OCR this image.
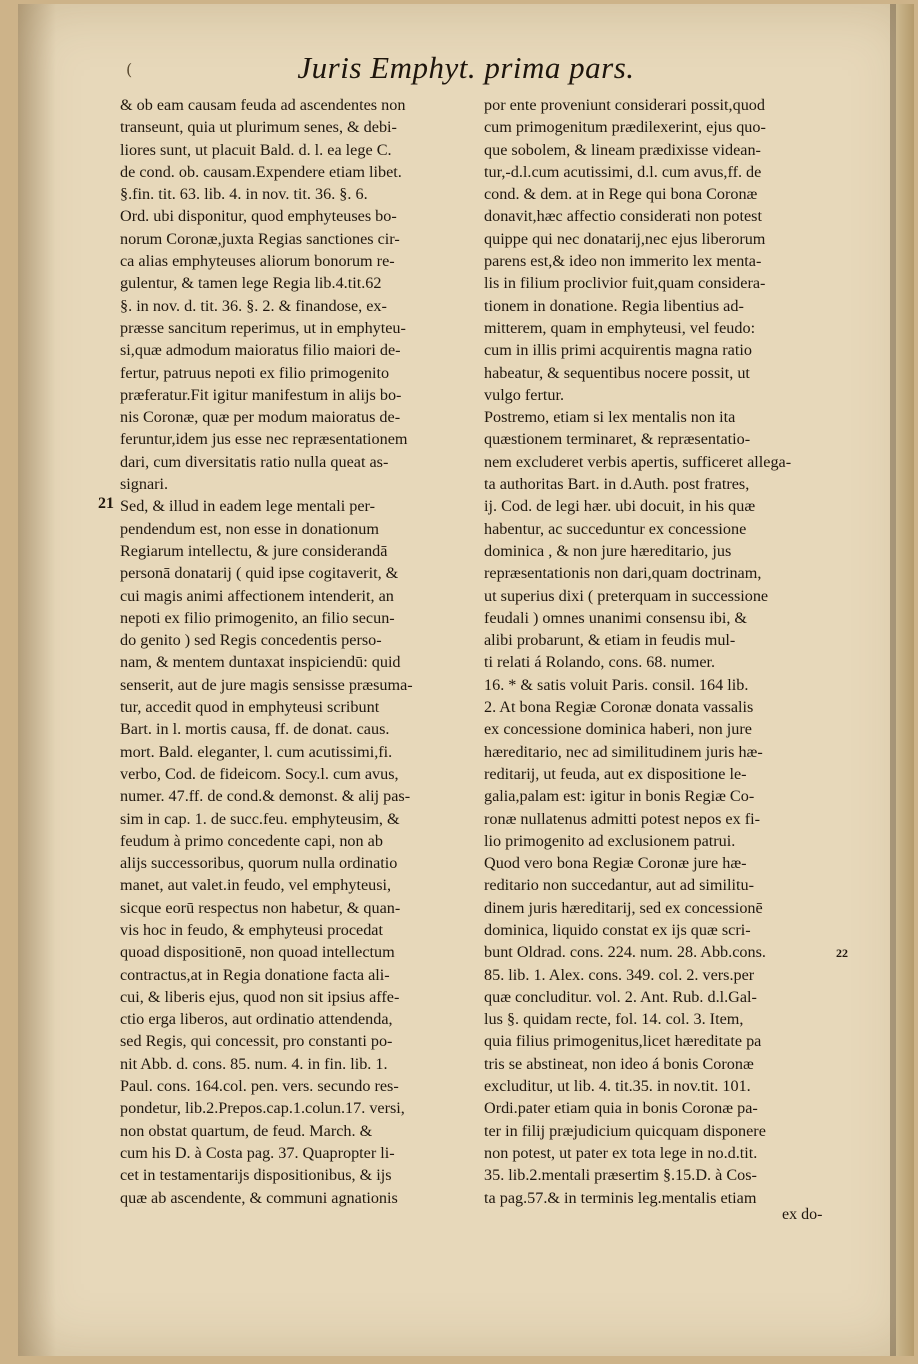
(	Juris Emphyt. prima pars.
& ob eam causam feuda ad ascendentes non
transeunt, quia ut plurimum senes, & debi-
liores sunt, ut placuit Bald. d. l. ea lege C.
de cond. ob. causam.Expendere etiam libet.
§.fin. tit. 63. lib. 4. in nov. tit. 36. §. 6.
Ord. ubi disponitur, quod emphyteuses bo-
norum Coronæ,juxta Regias sanctiones cir-
ca alias emphyteuses aliorum bonorum re-
gulentur, & tamen lege Regia lib.4.tit.62
§. in nov. d. tit. 36. §. 2. & finandose, ex-
præsse sancitum reperimus, ut in emphyteu-
si,quæ admodum maioratus filio maiori de-
fertur, patruus nepoti ex filio primogenito
præferatur.Fit igitur manifestum in alijs bo-
nis Coronæ, quæ per modum maioratus de-
feruntur,idem jus esse nec repræsentationem
dari, cum diversitatis ratio nulla queat as-
signari.
Sed, & illud in eadem lege mentali per-
pendendum est, non esse in donationum
Regiarum intellectu, & jure considerandā
personā donatarij ( quid ipse cogitaverit, &
cui magis animi affectionem intenderit, an
nepoti ex filio primogenito, an filio secun-
do genito ) sed Regis concedentis perso-
nam, & mentem duntaxat inspiciendū: quid
senserit, aut de jure magis sensisse præsuma-
tur, accedit quod in emphyteusi scribunt
Bart. in l. mortis causa, ff. de donat. caus.
mort. Bald. eleganter, l. cum acutissimi,fi.
verbo, Cod. de fideicom. Socy.l. cum avus,
numer. 47.ff. de cond.& demonst. & alij pas-
sim in cap. 1. de succ.feu. emphyteusim, &
feudum à primo concedente capi, non ab
alijs successoribus, quorum nulla ordinatio
manet, aut valet.in feudo, vel emphyteusi,
sicque eorū respectus non habetur, & quan-
vis hoc in feudo, & emphyteusi procedat
quoad dispositionē, non quoad intellectum
contractus,at in Regia donatione facta ali-
cui, & liberis ejus, quod non sit ipsius affe-
ctio erga liberos, aut ordinatio attendenda,
sed Regis, qui concessit, pro constanti po-
nit Abb. d. cons. 85. num. 4. in fin. lib. 1.
Paul. cons. 164.col. pen. vers. secundo res-
pondetur, lib.2.Prepos.cap.1.colun.17. versi,
non obstat quartum, de feud. March. &
cum his D. à Costa pag. 37. Quapropter li-
cet in testamentarijs dispositionibus, & ijs
quæ ab ascendente, & communi agnationis
por ente proveniunt considerari possit,quod
cum primogenitum prædilexerint, ejus quo-
que sobolem, & lineam prædixisse videan-
tur,-d.l.cum acutissimi, d.l. cum avus,ff. de
cond. & dem. at in Rege qui bona Coronæ
donavit,hæc affectio considerati non potest
quippe qui nec donatarij,nec ejus liberorum
parens est,& ideo non immerito lex menta-
lis in filium proclivior fuit,quam considera-
tionem in donatione. Regia libentius ad-
mitterem, quam in emphyteusi, vel feudo:
cum in illis primi acquirentis magna ratio
habeatur, & sequentibus nocere possit, ut
vulgo fertur.
Postremo, etiam si lex mentalis non ita
quæstionem terminaret, & repræsentatio-
nem excluderet verbis apertis, sufficeret allega-
ta authoritas Bart. in d.Auth. post fratres,
ij. Cod. de legi hær. ubi docuit, in his quæ
habentur, ac succeduntur ex concessione
dominica , & non jure hæreditario, jus
repræsentationis non dari,quam doctrinam,
ut superius dixi ( preterquam in successione
feudali ) omnes unanimi consensu ibi, &
alibi probarunt, & etiam in feudis mul-
ti relati á Rolando, cons. 68. numer.
16. * & satis voluit Paris. consil. 164 lib.
2. At bona Regiæ Coronæ donata vassalis
ex concessione dominica haberi, non jure
hæreditario, nec ad similitudinem juris hæ-
reditarij, ut feuda, aut ex dispositione le-
galia,palam est: igitur in bonis Regiæ Co-
ronæ nullatenus admitti potest nepos ex fi-
lio primogenito ad exclusionem patrui.
Quod vero bona Regiæ Coronæ jure hæ-
reditario non succedantur, aut ad similitu-
dinem juris hæreditarij, sed ex concessionē
dominica, liquido constat ex ijs quæ scri-
bunt Oldrad. cons. 224. num. 28. Abb.cons.
85. lib. 1. Alex. cons. 349. col. 2. vers.per
quæ concluditur. vol. 2. Ant. Rub. d.l.Gal-
lus §. quidam recte, fol. 14. col. 3. Item,
quia filius primogenitus,licet hæreditate pa
tris se abstineat, non ideo á bonis Coronæ
excluditur, ut lib. 4. tit.35. in nov.tit. 101.
Ordi.pater etiam quia in bonis Coronæ pa-
ter in filij præjudicium quicquam disponere
non potest, ut pater ex tota lege in no.d.tit.
35. lib.2.mentali præsertim §.15.D. à Cos-
ta pag.57.& in terminis leg.mentalis etiam
21
22
ex do-
